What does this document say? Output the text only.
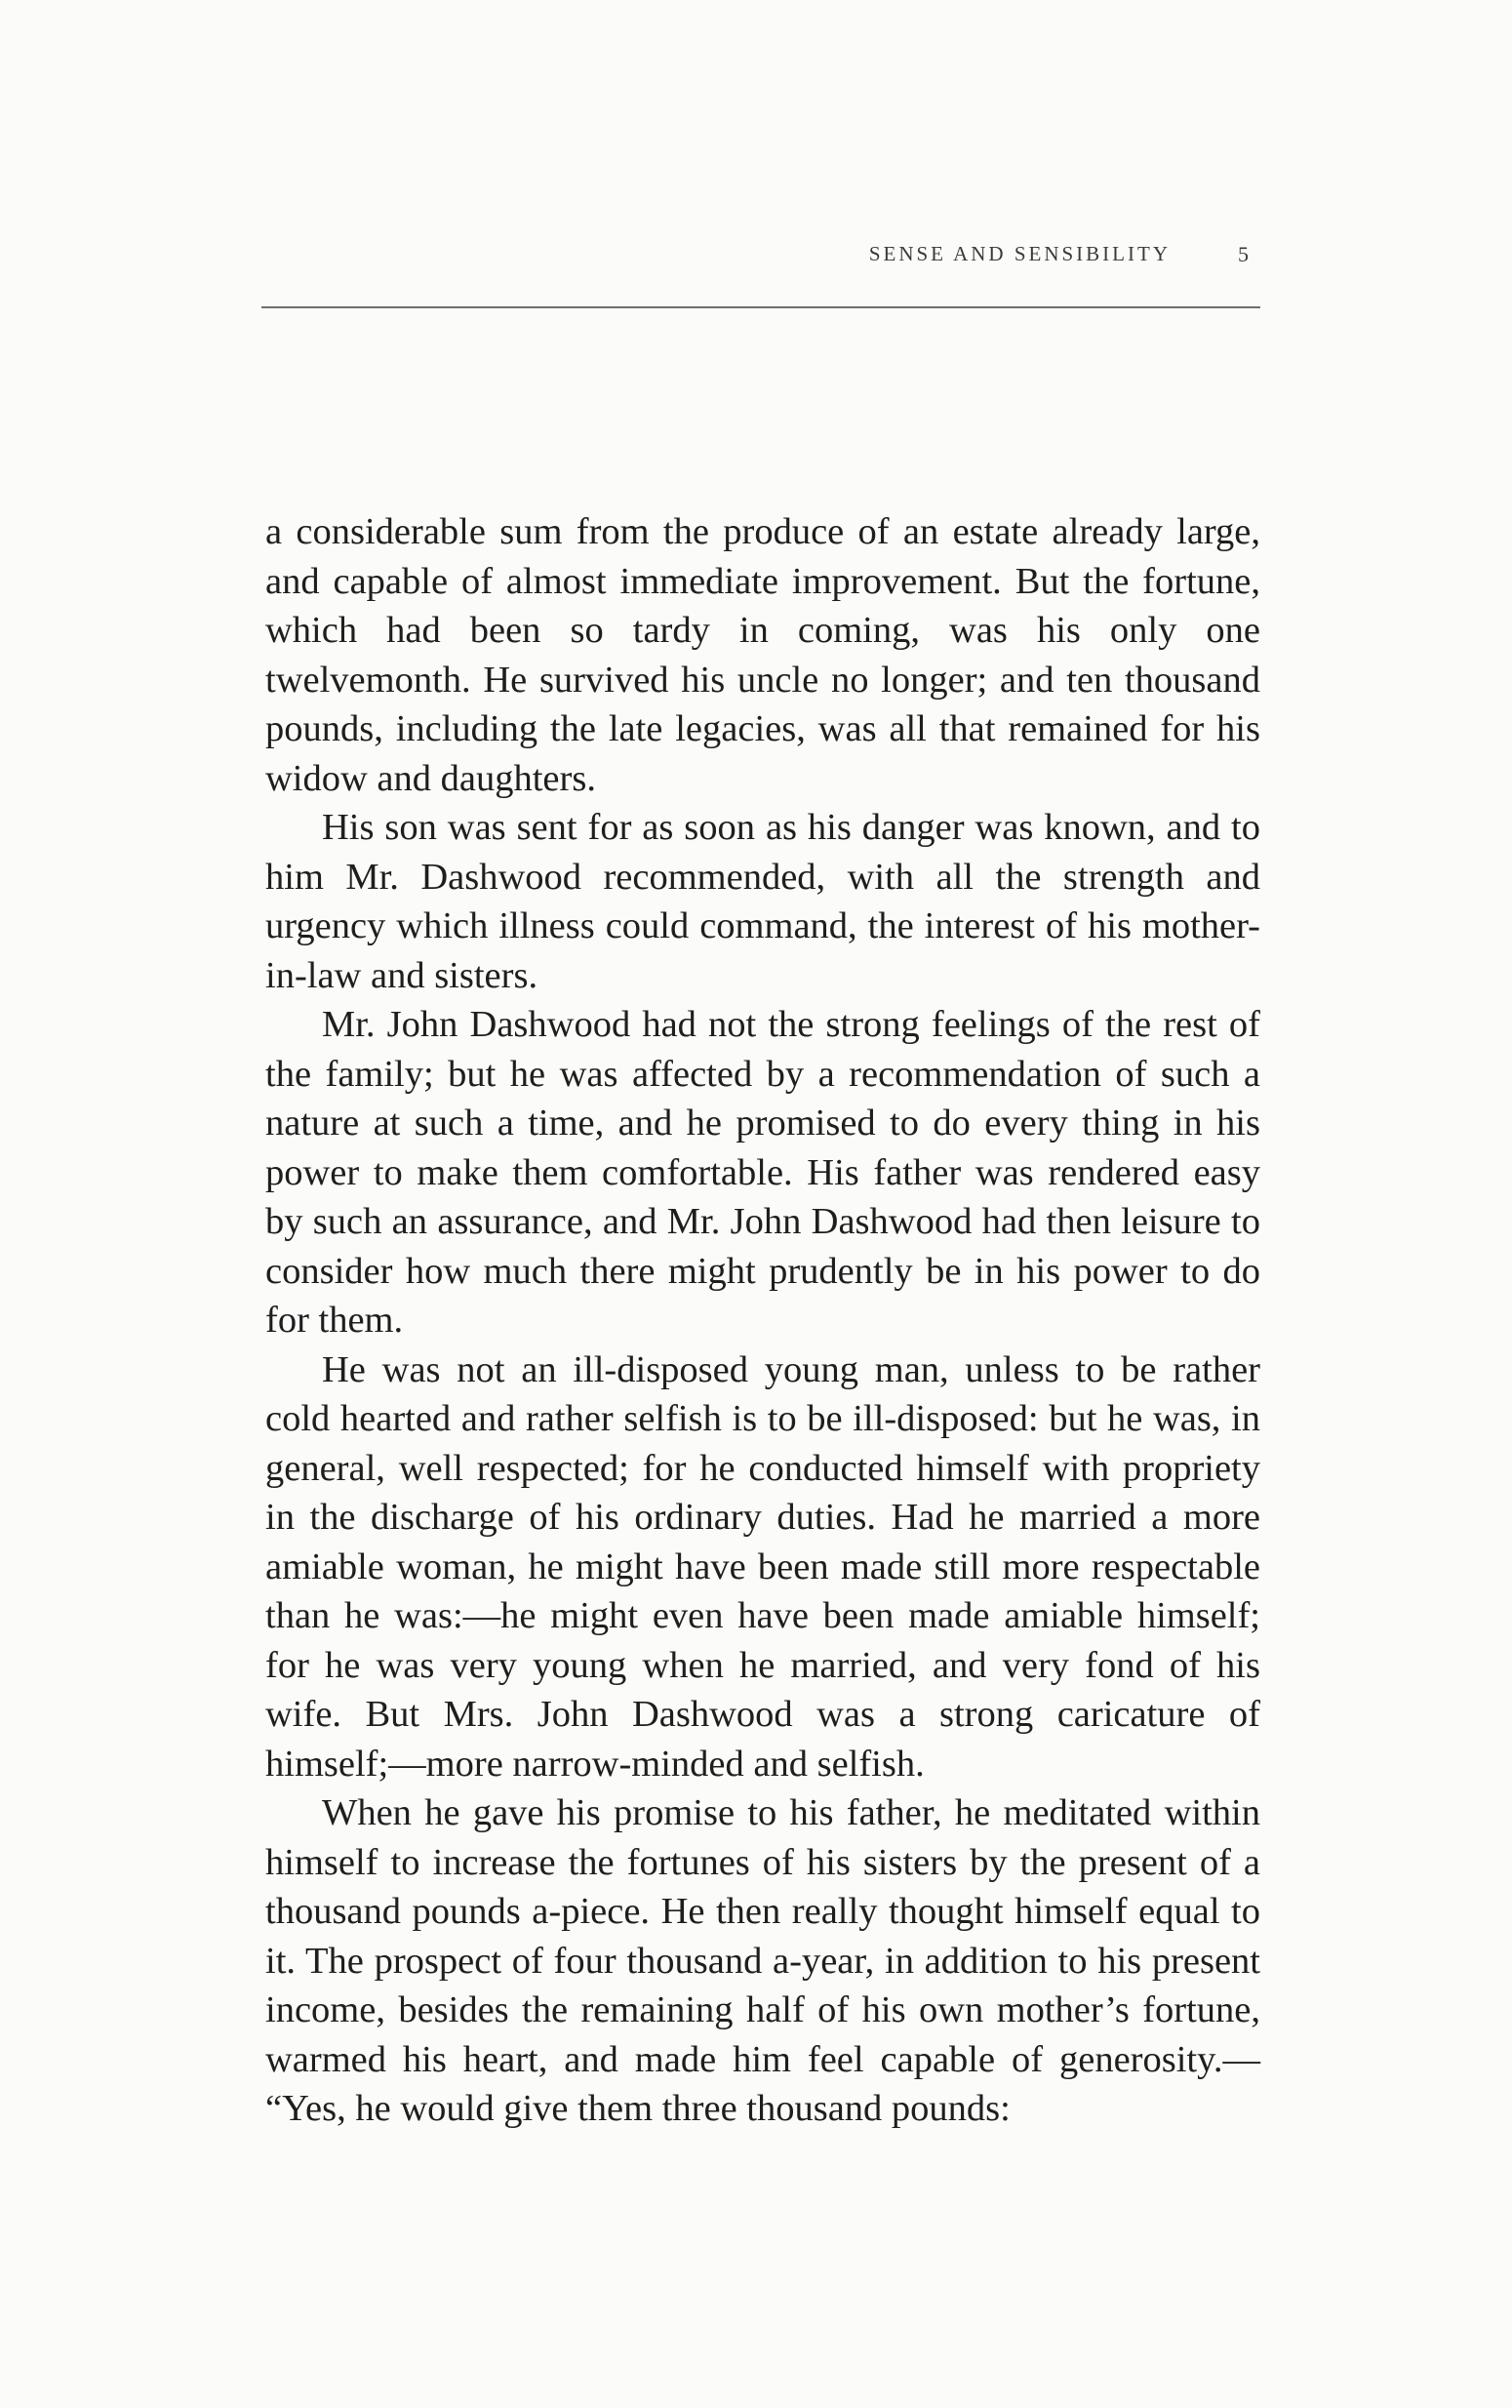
SENSE AND SENSIBILITY	5

a considerable sum from the produce of an estate already large, and capable of almost immediate improvement. But the fortune, which had been so tardy in coming, was his only one twelvemonth. He survived his uncle no longer; and ten thousand pounds, including the late legacies, was all that remained for his widow and daughters.

His son was sent for as soon as his danger was known, and to him Mr. Dashwood recommended, with all the strength and urgency which illness could command, the interest of his mother-in-law and sisters.

Mr. John Dashwood had not the strong feelings of the rest of the family; but he was affected by a recommendation of such a nature at such a time, and he promised to do every thing in his power to make them comfortable. His father was rendered easy by such an assurance, and Mr. John Dashwood had then leisure to consider how much there might prudently be in his power to do for them.

He was not an ill-disposed young man, unless to be rather cold hearted and rather selfish is to be ill-disposed: but he was, in general, well respected; for he conducted himself with propriety in the discharge of his ordinary duties. Had he married a more amiable woman, he might have been made still more respectable than he was:—he might even have been made amiable himself; for he was very young when he married, and very fond of his wife. But Mrs. John Dashwood was a strong caricature of himself;—more narrow-minded and selfish.

When he gave his promise to his father, he meditated within himself to increase the fortunes of his sisters by the present of a thousand pounds a-piece. He then really thought himself equal to it. The prospect of four thousand a-year, in addition to his present income, besides the remaining half of his own mother’s fortune, warmed his heart, and made him feel capable of generosity.— “Yes, he would give them three thousand pounds:
